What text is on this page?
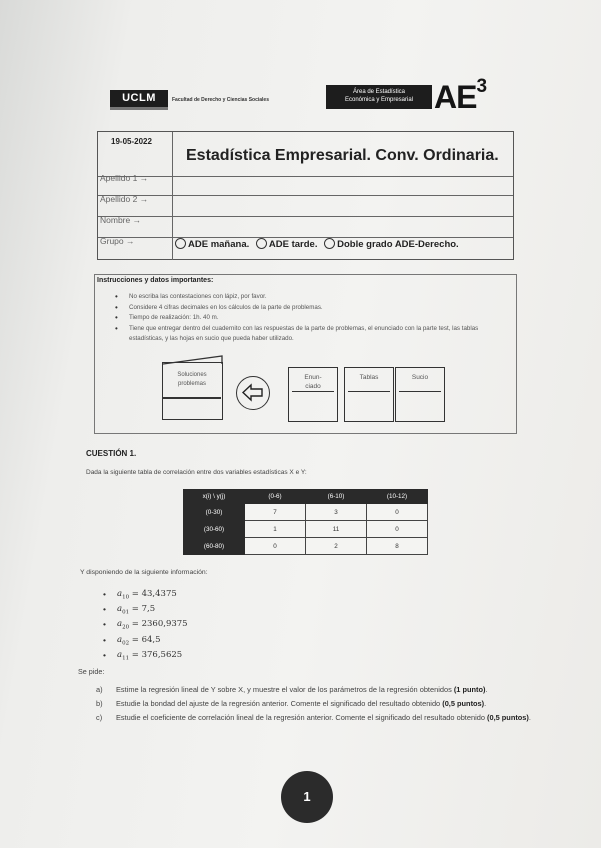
UCLM	Facultad de Derecho y Ciencias Sociales
Área de Estadística
Económica y Empresarial $AE^3$
19-05-2022
Estadística Empresarial. Conv. Ordinaria.
Apellido 1 →
Apellido 2 →
Nombre →
Grupo →	ADE mañana. ADE tarde. Doble grado ADE-Derecho.
Instrucciones y datos importantes:
• No escriba las contestaciones con lápiz, por favor.
• Considere 4 cifras decimales en los cálculos de la parte de problemas.
• Tiempo de realización: 1h. 40 m.
• Tiene que entregar dentro del cuadernito con las respuestas de la parte de problemas, el enunciado con la parte test, las tablas estadísticas, y las hojas en sucio que pueda haber utilizado.
Soluciones
problemas
Enun-
ciado
Tablas	Sucio
CUESTIÓN 1.
Dada la siguiente tabla de correlación entre dos variables estadísticas X e Y:
x(i) \ y(j)	(0-6)	(6-10)	(10-12)
(0-30)	7	3	0
(30-60)	1	11	0
(60-80)	0	2	8
Y disponiendo de la siguiente información:
• $a_{10} = 43,4375$
• $a_{01} = 7,5$
• $a_{20} = 2360,9375$
• $a_{02} = 64,5$
• $a_{11} = 376,5625$
Se pide:
a) Estime la regresión lineal de Y sobre X, y muestre el valor de los parámetros de la regresión obtenidos (1 punto).
b) Estudie la bondad del ajuste de la regresión anterior. Comente el significado del resultado obtenido (0,5 puntos).
c) Estudie el coeficiente de correlación lineal de la regresión anterior. Comente el significado del resultado obtenido (0,5 puntos).
1
